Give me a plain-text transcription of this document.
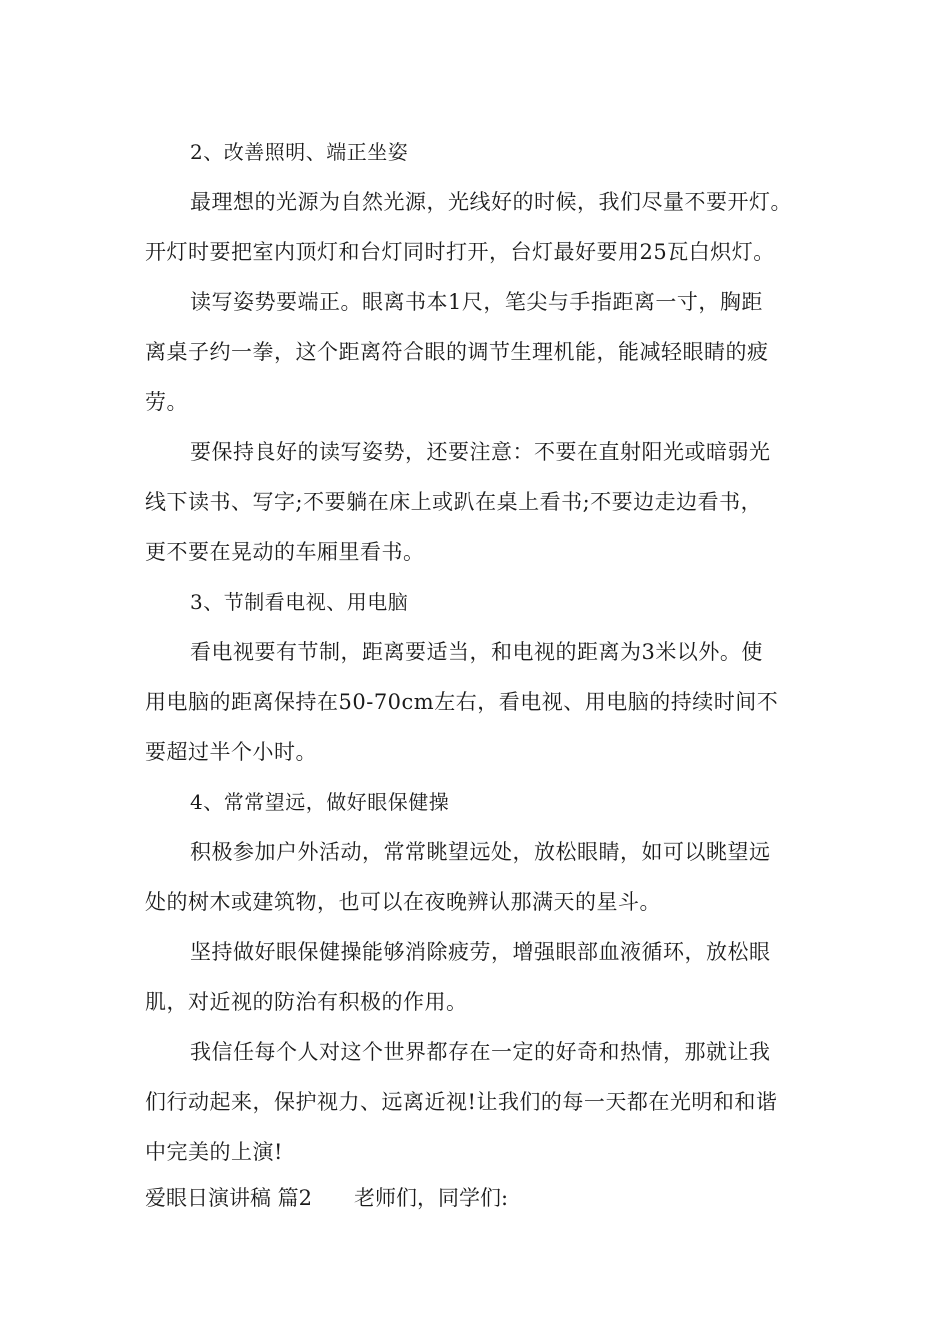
2、改善照明、端正坐姿
最理想的光源为自然光源，光线好的时候，我们尽量不要开灯。
开灯时要把室内顶灯和台灯同时打开，台灯最好要用25瓦白炽灯。
读写姿势要端正。眼离书本1尺，笔尖与手指距离一寸，胸距
离桌子约一拳，这个距离符合眼的调节生理机能，能减轻眼睛的疲
劳。
要保持良好的读写姿势，还要注意：不要在直射阳光或暗弱光
线下读书、写字;不要躺在床上或趴在桌上看书;不要边走边看书，
更不要在晃动的车厢里看书。
3、节制看电视、用电脑
看电视要有节制，距离要适当，和电视的距离为3米以外。使
用电脑的距离保持在50-70cm左右，看电视、用电脑的持续时间不
要超过半个小时。
4、常常望远，做好眼保健操
积极参加户外活动，常常眺望远处，放松眼睛，如可以眺望远
处的树木或建筑物，也可以在夜晚辨认那满天的星斗。
坚持做好眼保健操能够消除疲劳，增强眼部血液循环，放松眼
肌，对近视的防治有积极的作用。
我信任每个人对这个世界都存在一定的好奇和热情，那就让我
们行动起来，保护视力、远离近视!让我们的每一天都在光明和和谐
中完美的上演!
爱眼日演讲稿 篇2 老师们，同学们:
